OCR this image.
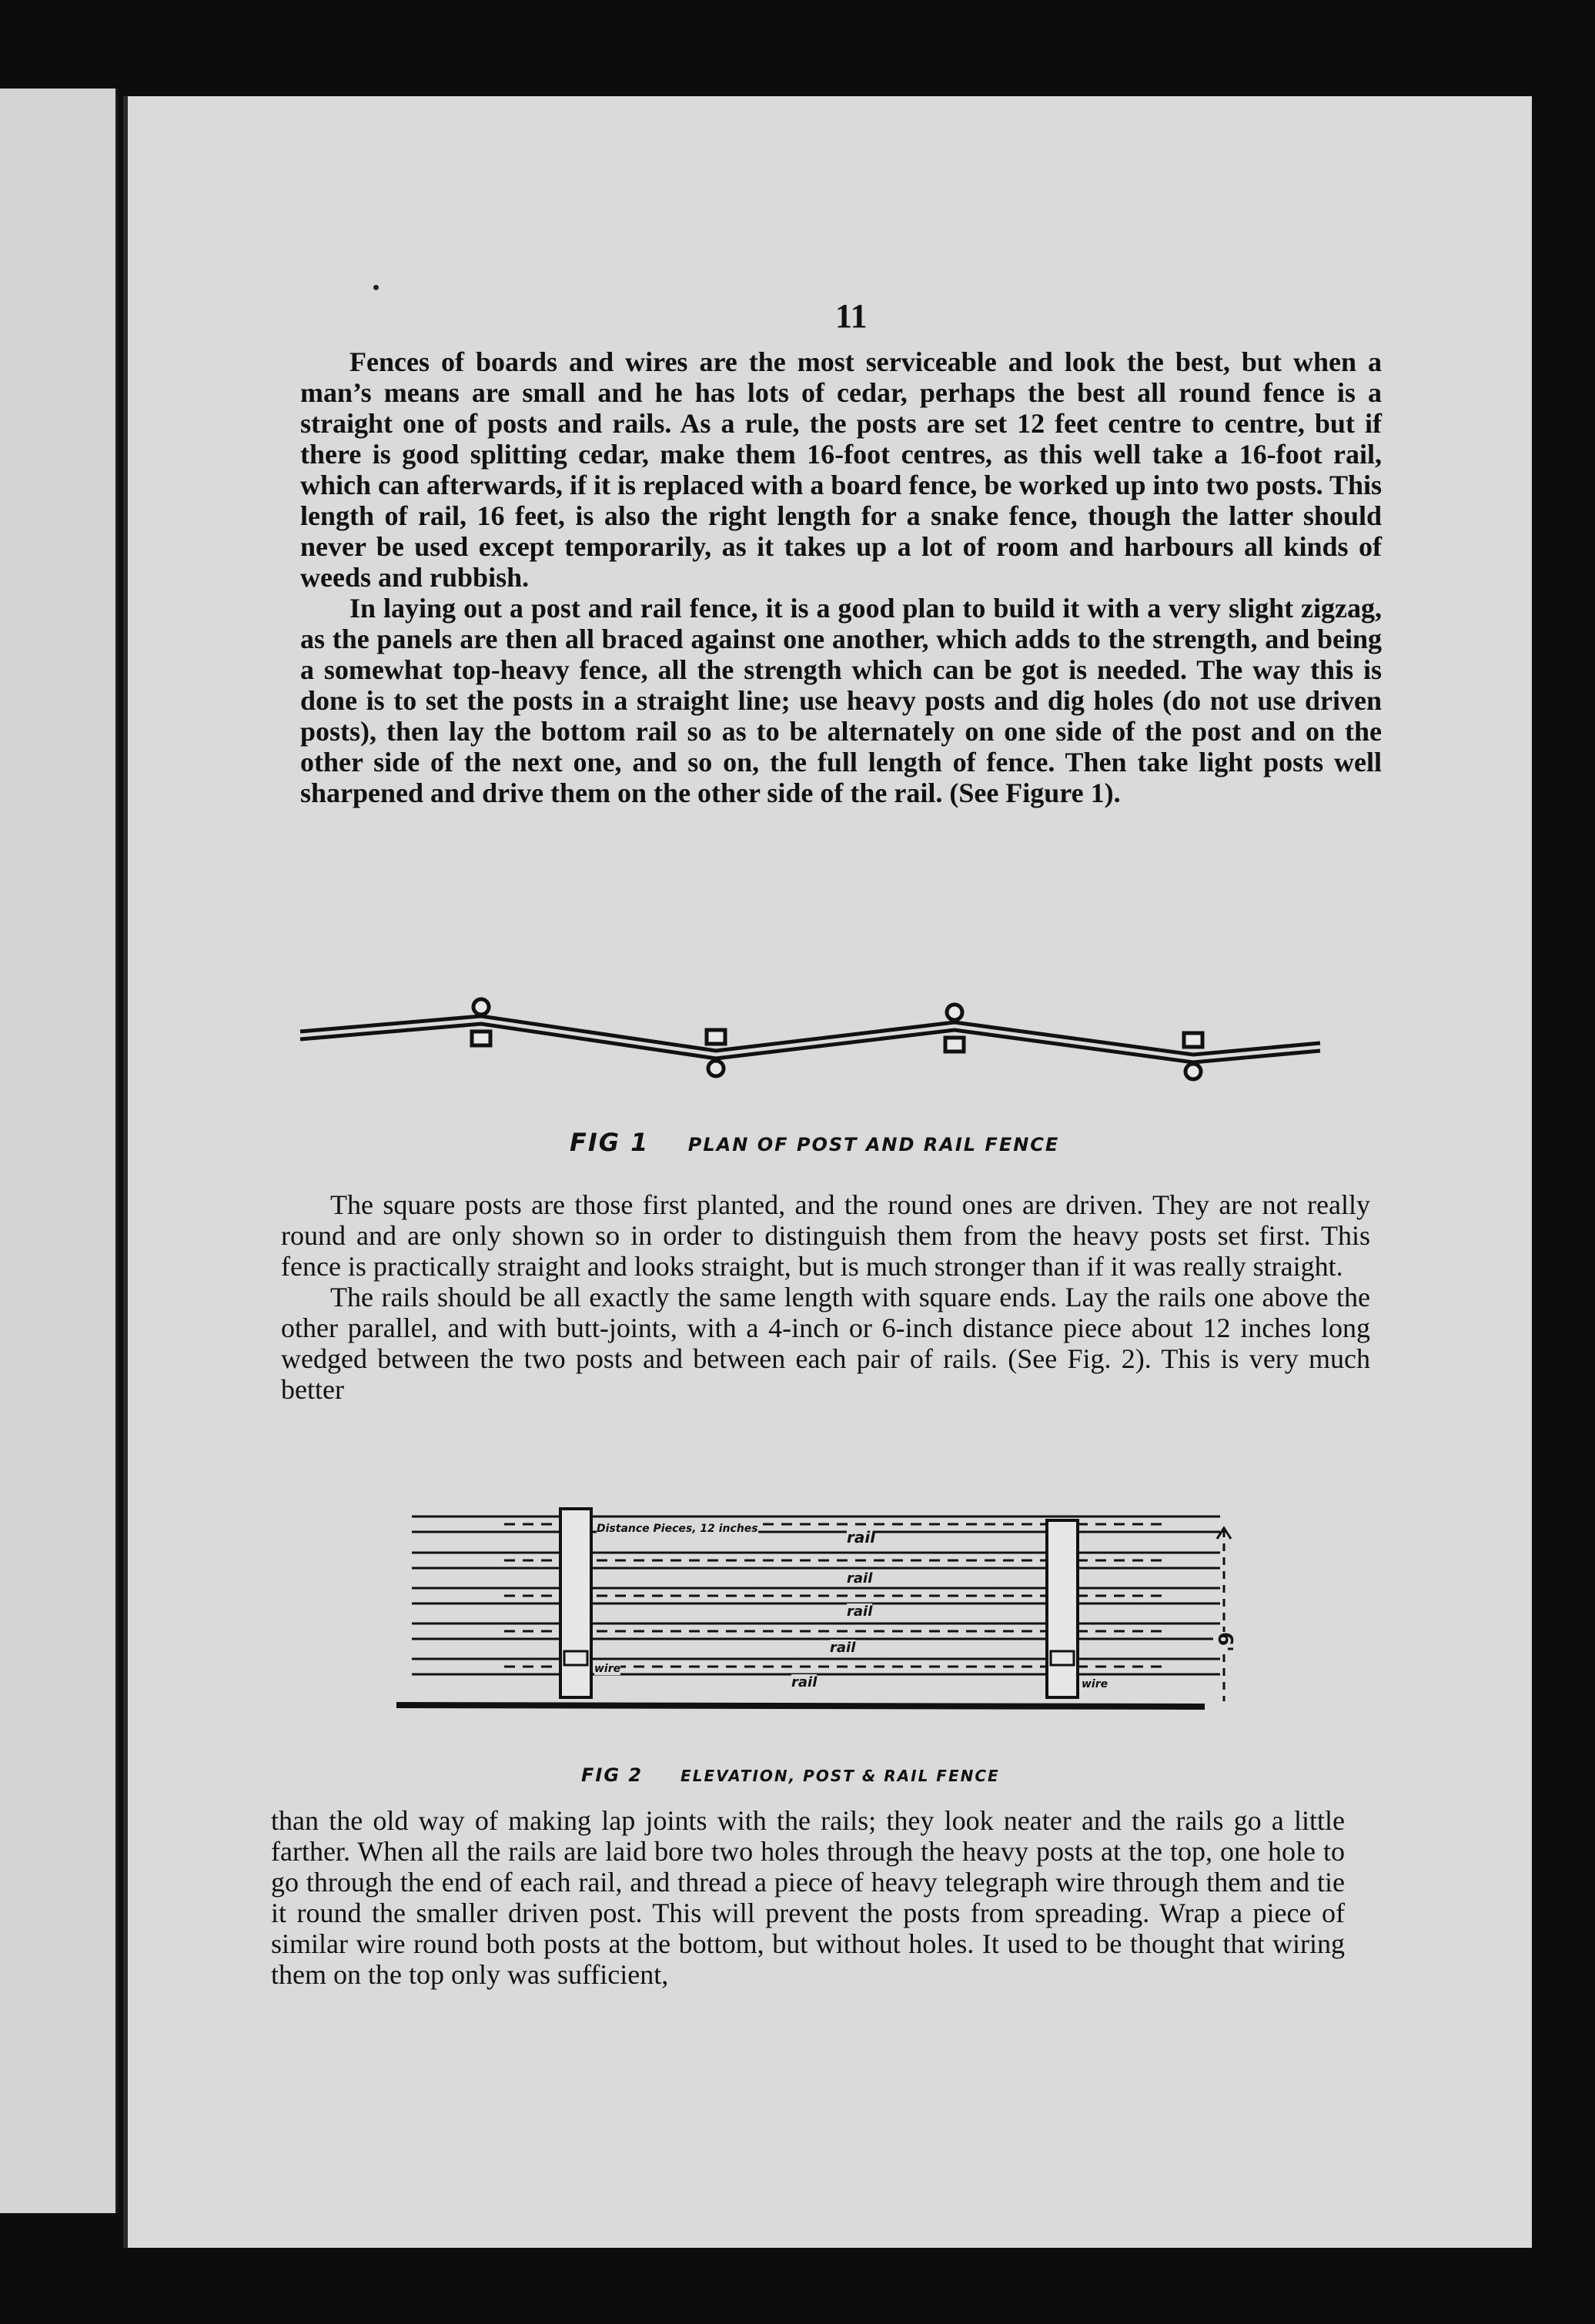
11

Fences of boards and wires are the most serviceable and look the best, but when a man’s means are small and he has lots of cedar, perhaps the best all round fence is a straight one of posts and rails. As a rule, the posts are set 12 feet centre to centre, but if there is good splitting cedar, make them 16-foot centres, as this well take a 16-foot rail, which can afterwards, if it is replaced with a board fence, be worked up into two posts. This length of rail, 16 feet, is also the right length for a snake fence, though the latter should never be used except temporarily, as it takes up a lot of room and harbours all kinds of weeds and rubbish.

In laying out a post and rail fence, it is a good plan to build it with a very slight zigzag, as the panels are then all braced against one another, which adds to the strength, and being a somewhat top-heavy fence, all the strength which can be got is needed. The way this is done is to set the posts in a straight line; use heavy posts and dig holes (do not use driven posts), then lay the bottom rail so as to be alternately on one side of the post and on the other side of the next one, and so on, the full length of fence. Then take light posts well sharpened and drive them on the other side of the rail. (See Figure 1).

FIG 1 PLAN OF POST AND RAIL FENCE

The square posts are those first planted, and the round ones are driven. They are not really round and are only shown so in order to distinguish them from the heavy posts set first. This fence is practically straight and looks straight, but is much stronger than if it was really straight.

The rails should be all exactly the same length with square ends. Lay the rails one above the other parallel, and with butt-joints, with a 4-inch or 6-inch distance piece about 12 inches long wedged between the two posts and between each pair of rails. (See Fig. 2). This is very much better

Distance Pieces, 12 inches	rail
rail
rail
rail
rail
wire
wire
6'
FIG 2 ELEVATION, POST & RAIL FENCE

than the old way of making lap joints with the rails; they look neater and the rails go a little farther. When all the rails are laid bore two holes through the heavy posts at the top, one hole to go through the end of each rail, and thread a piece of heavy telegraph wire through them and tie it round the smaller driven post. This will prevent the posts from spreading. Wrap a piece of similar wire round both posts at the bottom, but without holes. It used to be thought that wiring them on the top only was sufficient,
